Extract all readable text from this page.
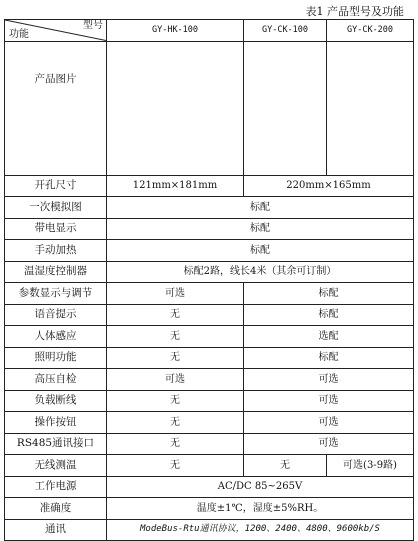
表1 产品型号及功能
型号
功能	GY-HK-100	GY-CK-100	GY-CK-200
产品图片			
开孔尺寸	121mm×181mm	220mm×165mm	
一次模拟图	标配		
带电显示	标配		
手动加热	标配		
温湿度控制器	标配2路，线长4米（其余可订制）		
参数显示与调节	可选	标配	
语音提示	无	标配	
人体感应	无	选配	
照明功能	无	标配	
高压自检	可选	可选	
负载断线	无	可选	
操作按钮	无	可选	
RS485通讯接口	无	可选	
无线测温	无	无	可选(3-9路)
工作电源	AC/DC 85~265V		
准确度	温度±1℃，湿度±5%RH。		
通讯	ModeBus-Rtu通讯协议，1200、2400、4800、9600kb/S		
